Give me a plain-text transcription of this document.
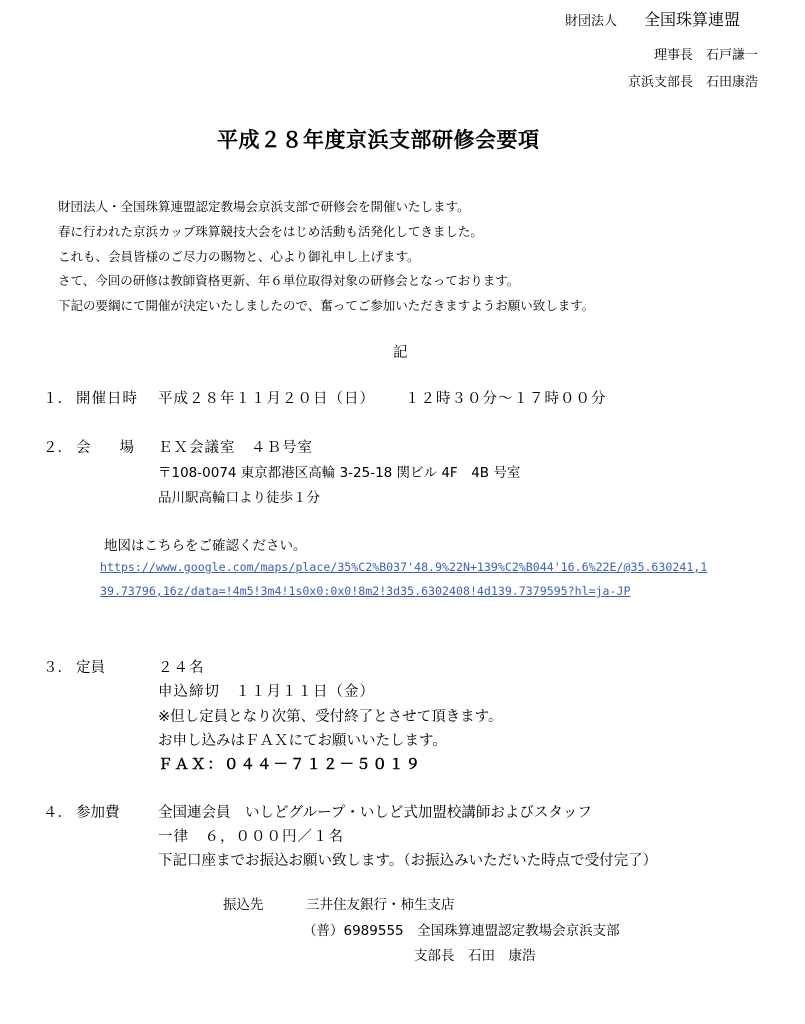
財団法人 全国珠算連盟
理事長　石戸謙一
京浜支部長　石田康浩
平成２８年度京浜支部研修会要項
財団法人・全国珠算連盟認定教場会京浜支部で研修会を開催いたします。
春に行われた京浜カップ珠算競技大会をはじめ活動も活発化してきました。
これも、会員皆様のご尽力の賜物と、心より御礼申し上げます。
さて、今回の研修は教師資格更新、年６単位取得対象の研修会となっております。
下記の要綱にて開催が決定いたしましたので、奮ってご参加いただきますようお願い致します。
記
１． 開催日時 平成２８年１１月２０日（日） １２時３０分～１７時００分
２． 会　　場 ＥＸ会議室　４Ｂ号室
〒108-0074 東京都港区高輪 3-25-18 関ビル 4F　4B 号室
品川駅高輪口より徒歩１分
地図はこちらをご確認ください。
https://www.google.com/maps/place/35%C2%B037'48.9%22N+139%C2%B044'16.6%22E/@35.630241,1
39.73796,16z/data=!4m5!3m4!1s0x0:0x0!8m2!3d35.6302408!4d139.7379595?hl=ja-JP
３． 定員	２４名
申込締切　１１月１１日（金）
※但し定員となり次第、受付終了とさせて頂きます。
お申し込みはＦＡＸにてお願いいたします。
ＦＡＸ：０４４－７１２－５０１９
４． 参加費	全国連会員　いしどグループ・いしど式加盟校講師およびスタッフ
一律　６，０００円／１名
下記口座までお振込お願い致します。（お振込みいただいた時点で受付完了）
振込先	三井住友銀行・柿生支店
（普）6989555　全国珠算連盟認定教場会京浜支部
支部長　石田　康浩
